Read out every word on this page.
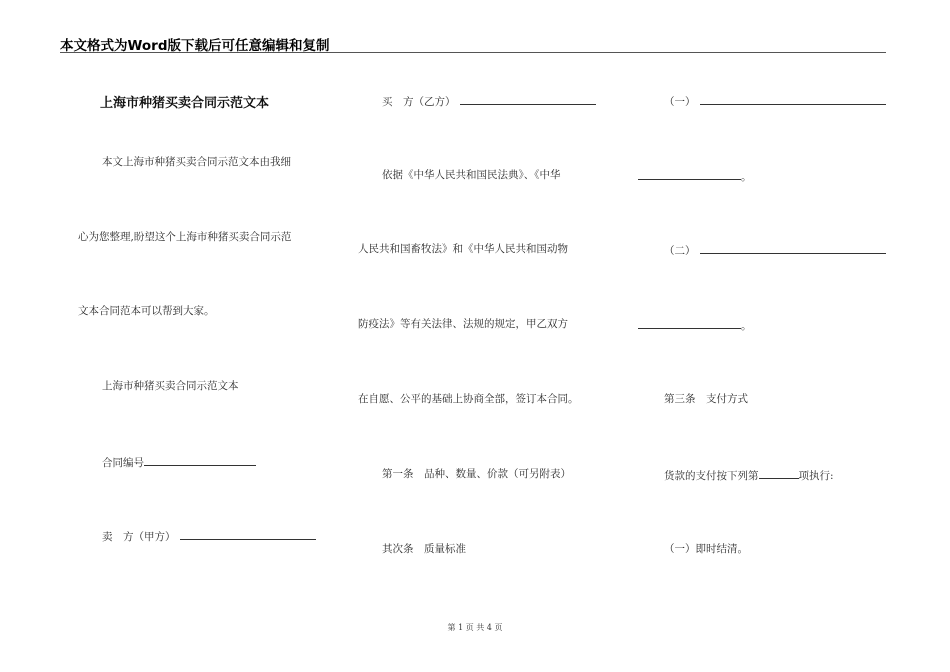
本文格式为Word版下载后可任意编辑和复制
上海市种猪买卖合同示范文本
本文上海市种猪买卖合同示范文本由我细
心为您整理,盼望这个上海市种猪买卖合同示范
文本合同范本可以帮到大家。
上海市种猪买卖合同示范文本
合同编号
卖　方（甲方）
买　方（乙方）
依据《中华人民共和国民法典》、《中华
人民共和国畜牧法》和《中华人民共和国动物
防疫法》等有关法律、法规的规定，甲乙双方
在自愿、公平的基础上协商全部，签订本合同。
第一条　品种、数量、价款（可另附表）
其次条　质量标准
（一）
。
（二）
。
第三条　支付方式
货款的支付按下列第	项执行:
（一）即时结清。
第 1 页 共 4 页
